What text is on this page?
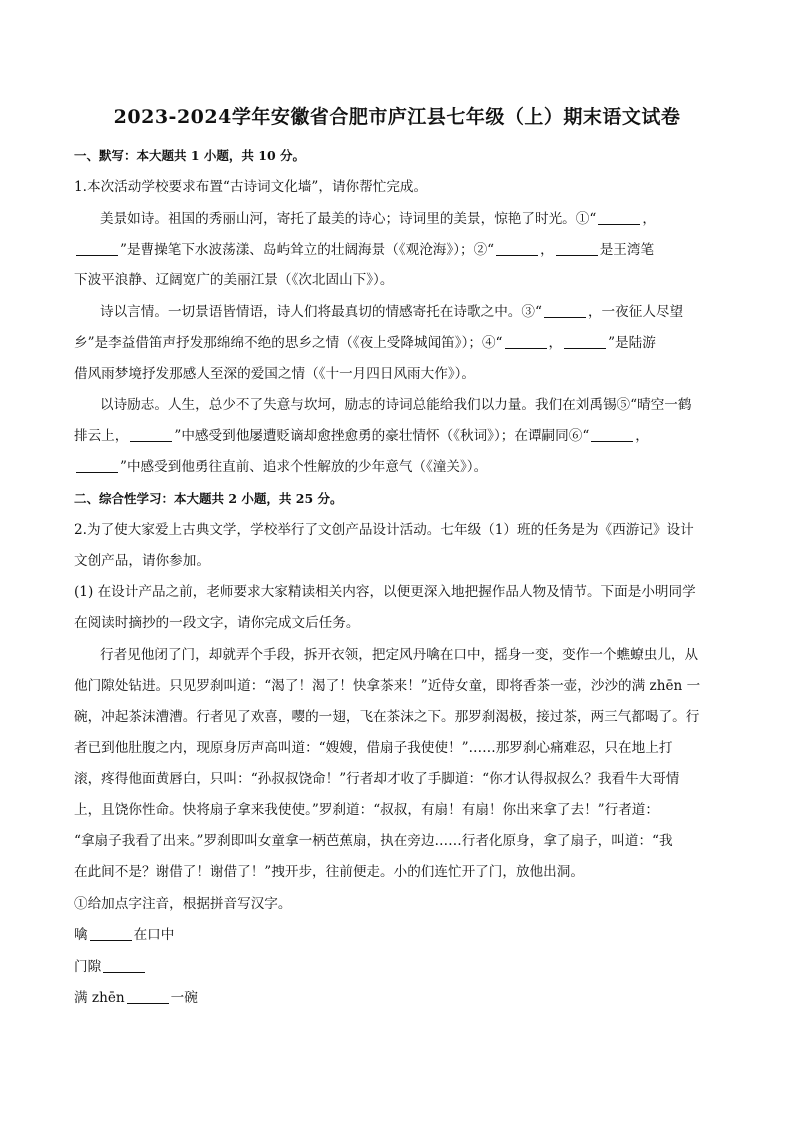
2023-2024学年安徽省合肥市庐江县七年级（上）期末语文试卷
一、默写：本大题共 1 小题，共 10 分。
1.本次活动学校要求布置“古诗词文化墙”，请你帮忙完成。
美景如诗。祖国的秀丽山河，寄托了最美的诗心；诗词里的美景，惊艳了时光。①“	，
”是曹操笔下水波荡漾、岛屿耸立的壮阔海景（《观沧海》）；②“	，	是王湾笔
下波平浪静、辽阔宽广的美丽江景（《次北固山下》）。
诗以言情。一切景语皆情语，诗人们将最真切的情感寄托在诗歌之中。③“	，一夜征人尽望
乡”是李益借笛声抒发那绵绵不绝的思乡之情（《夜上受降城闻笛》）；④“	，	”是陆游
借风雨梦境抒发那感人至深的爱国之情（《十一月四日风雨大作》）。
以诗励志。人生，总少不了失意与坎坷，励志的诗词总能给我们以力量。我们在刘禹锡⑤“晴空一鹤
排云上，	”中感受到他屡遭贬谪却愈挫愈勇的豪壮情怀（《秋词》）；在谭嗣同⑥“	，
”中感受到他勇往直前、追求个性解放的少年意气（《潼关》）。
二、综合性学习：本大题共 2 小题，共 25 分。
2.为了使大家爱上古典文学，学校举行了文创产品设计活动。七年级（1）班的任务是为《西游记》设计
文创产品，请你参加。
(1) 在设计产品之前，老师要求大家精读相关内容，以便更深入地把握作品人物及情节。下面是小明同学
在阅读时摘抄的一段文字，请你完成文后任务。
行者见他闭了门，却就弄个手段，拆开衣领，把定风丹噙在口中，摇身一变，变作一个蟭蟟虫儿，从
他门隙处钻进。只见罗刹叫道：“渴了！渴了！快拿茶来！”近侍女童，即将香茶一壶，沙沙的满 zhēn 一
碗，冲起茶沫漕漕。行者见了欢喜，嘤的一翅，飞在茶沫之下。那罗刹渴极，接过茶，两三气都喝了。行
者已到他肚腹之内，现原身厉声高叫道：“嫂嫂，借扇子我使使！”……那罗刹心痛难忍，只在地上打
滚，疼得他面黄唇白，只叫：“孙叔叔饶命！”行者却才收了手脚道：“你才认得叔叔么？我看牛大哥情
上，且饶你性命。快将扇子拿来我使使。”罗刹道：“叔叔，有扇！有扇！你出来拿了去！”行者道：
“拿扇子我看了出来。”罗刹即叫女童拿一柄芭蕉扇，执在旁边……行者化原身，拿了扇子，叫道：“我
在此间不是？谢借了！谢借了！”拽开步，往前便走。小的们连忙开了门，放他出洞。
①给加点字注音，根据拼音写汉字。
噙	在口中
门隙
满 zhēn	一碗
